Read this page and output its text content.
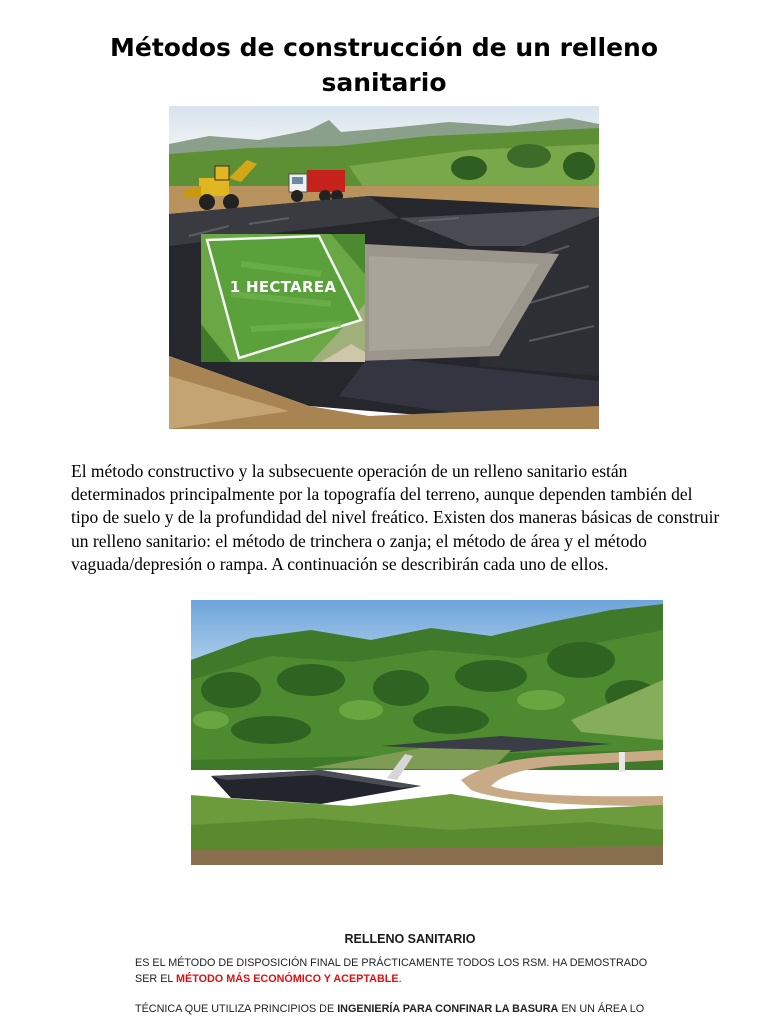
Métodos de construcción de un relleno
sanitario
1 HECTAREA

El método constructivo y la subsecuente operación de un relleno sanitario están determinados principalmente por la topografía del terreno, aunque dependen también del tipo de suelo y de la profundidad del nivel freático. Existen dos maneras básicas de construir un relleno sanitario: el método de trinchera o zanja; el método de área y el método vaguada/depresión o rampa. A continuación se describirán cada uno de ellos.

RELLENO SANITARIO

ES EL MÉTODO DE DISPOSICIÓN FINAL DE PRÁCTICAMENTE TODOS LOS RSM. HA DEMOSTRADO

SER EL MÉTODO MÁS ECONÓMICO Y ACEPTABLE.

TÉCNICA QUE UTILIZA PRINCIPIOS DE INGENIERÍA PARA CONFINAR LA BASURA EN UN ÁREA LO
